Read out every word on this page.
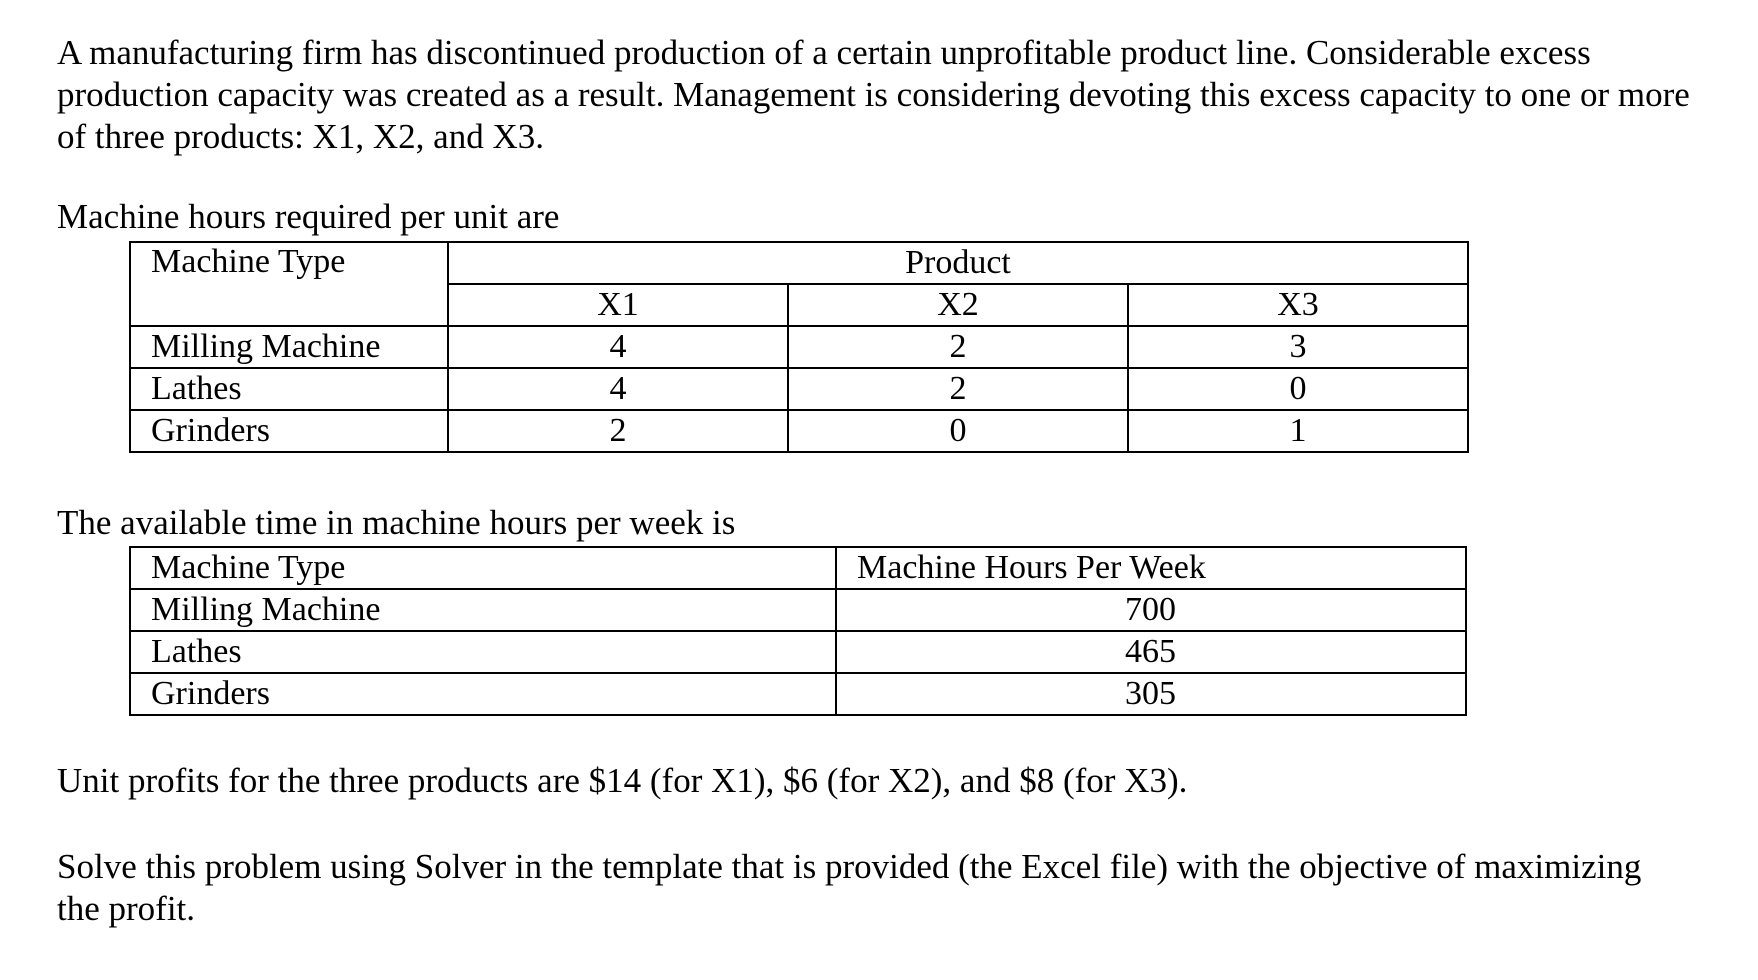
A manufacturing firm has discontinued production of a certain unprofitable product line. Considerable excess production capacity was created as a result. Management is considering devoting this excess capacity to one or more of three products: X1, X2, and X3.

Machine hours required per unit are

Machine Type	Product		
	X1	X2	X3
Milling Machine	4	2	3
Lathes	4	2	0
Grinders	2	0	1

The available time in machine hours per week is

Machine Type	Machine Hours Per Week
Milling Machine	700
Lathes	465
Grinders	305

Unit profits for the three products are $14 (for X1), $6 (for X2), and $8 (for X3).

Solve this problem using Solver in the template that is provided (the Excel file) with the objective of maximizing the profit.
